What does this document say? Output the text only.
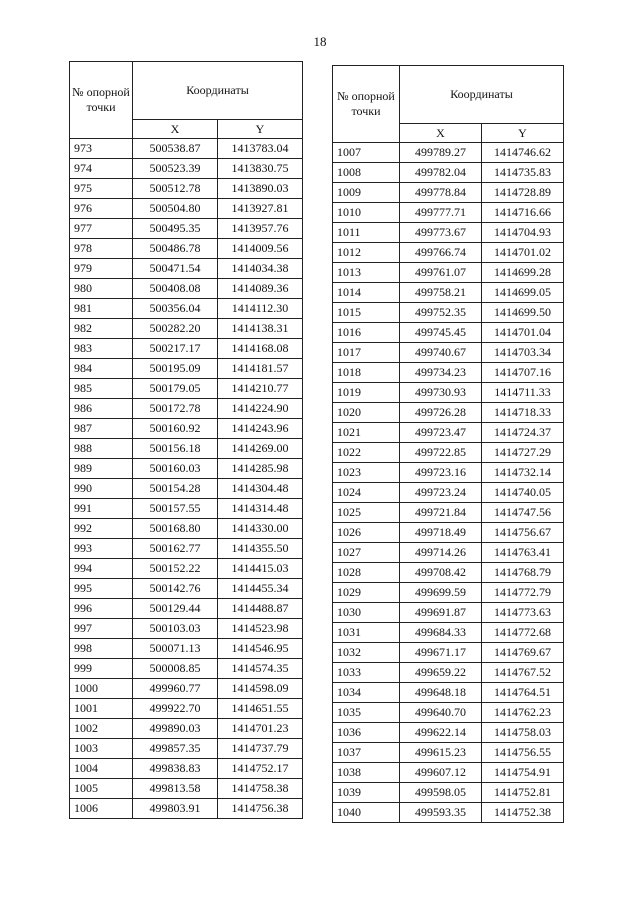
18
№ опорной точки	Координаты	
	X	Y
973	500538.87	1413783.04
974	500523.39	1413830.75
975	500512.78	1413890.03
976	500504.80	1413927.81
977	500495.35	1413957.76
978	500486.78	1414009.56
979	500471.54	1414034.38
980	500408.08	1414089.36
981	500356.04	1414112.30
982	500282.20	1414138.31
983	500217.17	1414168.08
984	500195.09	1414181.57
985	500179.05	1414210.77
986	500172.78	1414224.90
987	500160.92	1414243.96
988	500156.18	1414269.00
989	500160.03	1414285.98
990	500154.28	1414304.48
991	500157.55	1414314.48
992	500168.80	1414330.00
993	500162.77	1414355.50
994	500152.22	1414415.03
995	500142.76	1414455.34
996	500129.44	1414488.87
997	500103.03	1414523.98
998	500071.13	1414546.95
999	500008.85	1414574.35
1000	499960.77	1414598.09
1001	499922.70	1414651.55
1002	499890.03	1414701.23
1003	499857.35	1414737.79
1004	499838.83	1414752.17
1005	499813.58	1414758.38
1006	499803.91	1414756.38
№ опорной точки	Координаты	
	X	Y
1007	499789.27	1414746.62
1008	499782.04	1414735.83
1009	499778.84	1414728.89
1010	499777.71	1414716.66
1011	499773.67	1414704.93
1012	499766.74	1414701.02
1013	499761.07	1414699.28
1014	499758.21	1414699.05
1015	499752.35	1414699.50
1016	499745.45	1414701.04
1017	499740.67	1414703.34
1018	499734.23	1414707.16
1019	499730.93	1414711.33
1020	499726.28	1414718.33
1021	499723.47	1414724.37
1022	499722.85	1414727.29
1023	499723.16	1414732.14
1024	499723.24	1414740.05
1025	499721.84	1414747.56
1026	499718.49	1414756.67
1027	499714.26	1414763.41
1028	499708.42	1414768.79
1029	499699.59	1414772.79
1030	499691.87	1414773.63
1031	499684.33	1414772.68
1032	499671.17	1414769.67
1033	499659.22	1414767.52
1034	499648.18	1414764.51
1035	499640.70	1414762.23
1036	499622.14	1414758.03
1037	499615.23	1414756.55
1038	499607.12	1414754.91
1039	499598.05	1414752.81
1040	499593.35	1414752.38
